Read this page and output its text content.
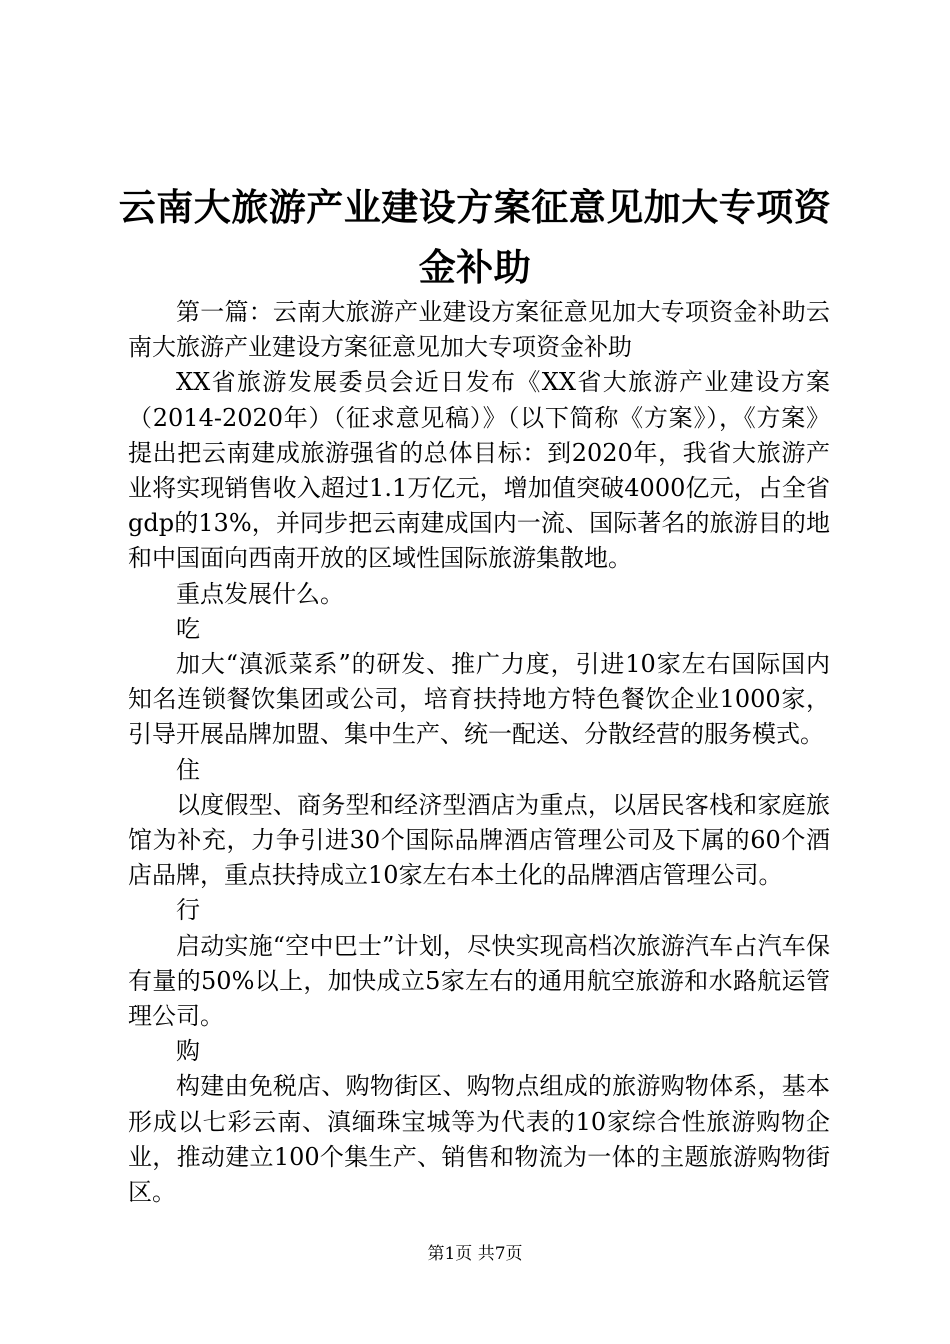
云南大旅游产业建设方案征意见加大专项资金补助

第一篇：云南大旅游产业建设方案征意见加大专项资金补助云南大旅游产业建设方案征意见加大专项资金补助

XX省旅游发展委员会近日发布《XX省大旅游产业建设方案（2014-2020年）（征求意见稿）》（以下简称《方案》），《方案》提出把云南建成旅游强省的总体目标：到2020年，我省大旅游产业将实现销售收入超过1.1万亿元，增加值突破4000亿元，占全省gdp的13%，并同步把云南建成国内一流、国际著名的旅游目的地和中国面向西南开放的区域性国际旅游集散地。

重点发展什么。

吃

加大“滇派菜系”的研发、推广力度，引进10家左右国际国内知名连锁餐饮集团或公司，培育扶持地方特色餐饮企业1000家，引导开展品牌加盟、集中生产、统一配送、分散经营的服务模式。

住

以度假型、商务型和经济型酒店为重点，以居民客栈和家庭旅馆为补充，力争引进30个国际品牌酒店管理公司及下属的60个酒店品牌，重点扶持成立10家左右本土化的品牌酒店管理公司。

行

启动实施“空中巴士”计划，尽快实现高档次旅游汽车占汽车保有量的50%以上，加快成立5家左右的通用航空旅游和水路航运管理公司。

购

构建由免税店、购物街区、购物点组成的旅游购物体系，基本形成以七彩云南、滇缅珠宝城等为代表的10家综合性旅游购物企业，推动建立100个集生产、销售和物流为一体的主题旅游购物街区。

第1页 共7页
